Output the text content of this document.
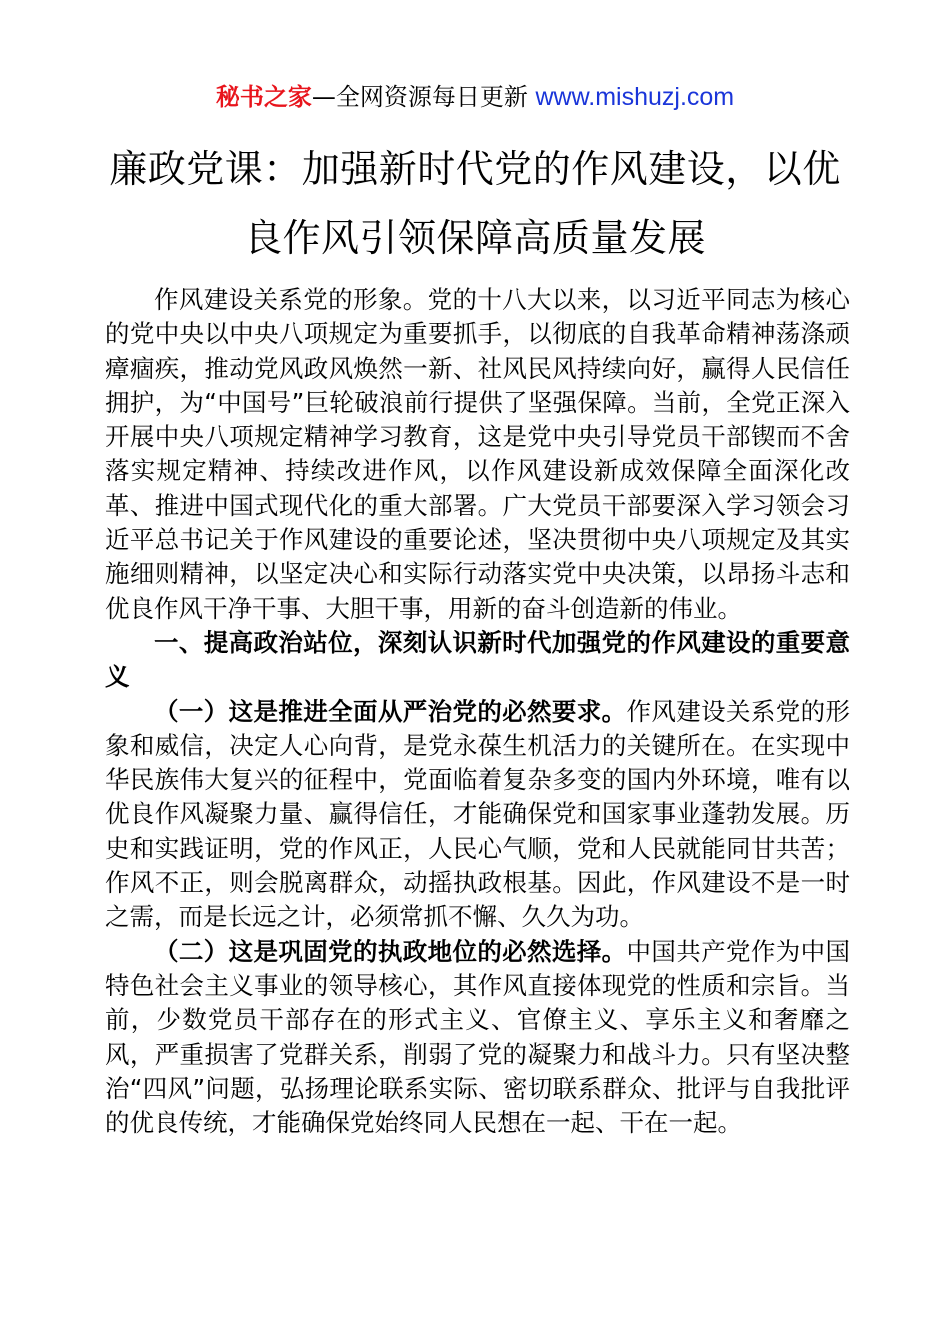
秘书之家—全网资源每日更新 www.mishuzj.com
廉政党课：加强新时代党的作风建设，以优良作风引领保障高质量发展

作风建设关系党的形象。党的十八大以来，以习近平同志为核心的党中央以中央八项规定为重要抓手，以彻底的自我革命精神荡涤顽瘴痼疾，推动党风政风焕然一新、社风民风持续向好，赢得人民信任拥护，为“中国号”巨轮破浪前行提供了坚强保障。当前，全党正深入开展中央八项规定精神学习教育，这是党中央引导党员干部锲而不舍落实规定精神、持续改进作风，以作风建设新成效保障全面深化改革、推进中国式现代化的重大部署。广大党员干部要深入学习领会习近平总书记关于作风建设的重要论述，坚决贯彻中央八项规定及其实施细则精神，以坚定决心和实际行动落实党中央决策，以昂扬斗志和优良作风干净干事、大胆干事，用新的奋斗创造新的伟业。

一、提高政治站位，深刻认识新时代加强党的作风建设的重要意义

（一）这是推进全面从严治党的必然要求。作风建设关系党的形象和威信，决定人心向背，是党永葆生机活力的关键所在。在实现中华民族伟大复兴的征程中，党面临着复杂多变的国内外环境，唯有以优良作风凝聚力量、赢得信任，才能确保党和国家事业蓬勃发展。历史和实践证明，党的作风正，人民心气顺，党和人民就能同甘共苦；作风不正，则会脱离群众，动摇执政根基。因此，作风建设不是一时之需，而是长远之计，必须常抓不懈、久久为功。

（二）这是巩固党的执政地位的必然选择。中国共产党作为中国特色社会主义事业的领导核心，其作风直接体现党的性质和宗旨。当前，少数党员干部存在的形式主义、官僚主义、享乐主义和奢靡之风，严重损害了党群关系，削弱了党的凝聚力和战斗力。只有坚决整治“四风”问题，弘扬理论联系实际、密切联系群众、批评与自我批评的优良传统，才能确保党始终同人民想在一起、干在一起。
